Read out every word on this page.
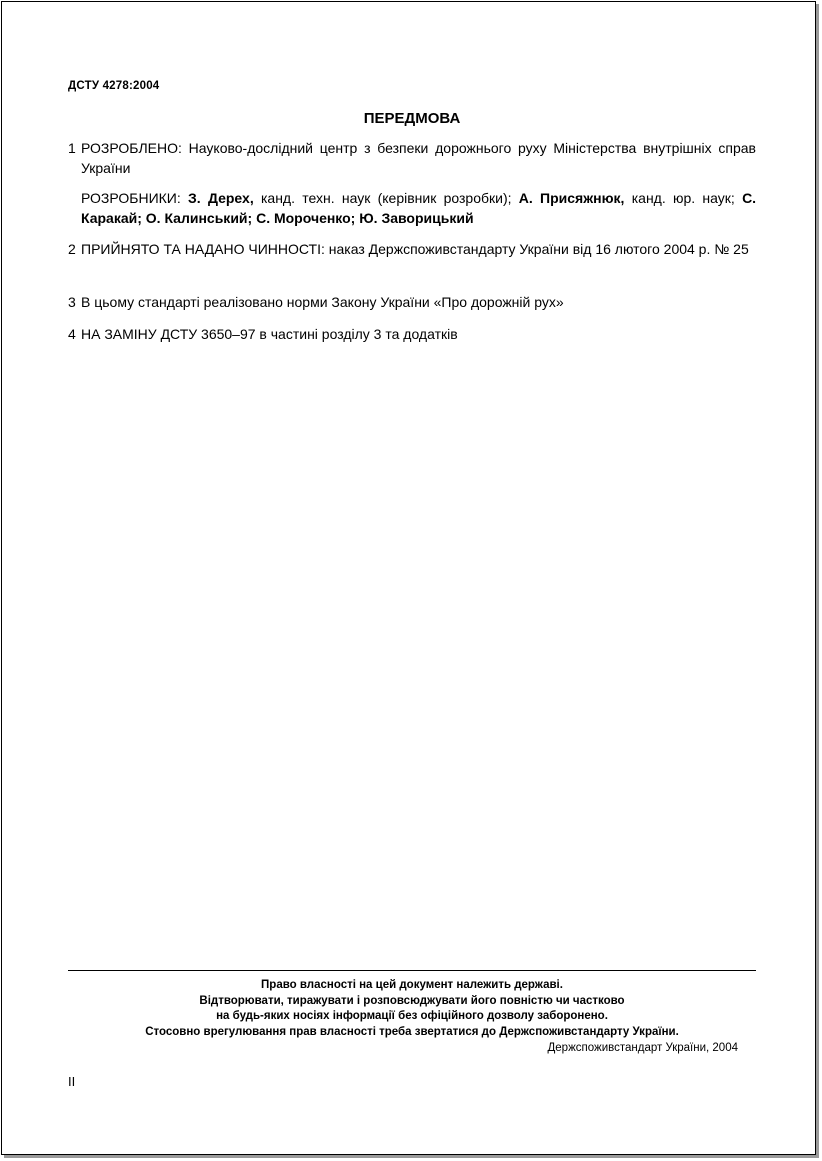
ДСТУ 4278:2004
ПЕРЕДМОВА
1 РОЗРОБЛЕНО: Науково-дослідний центр з безпеки дорожнього руху Міністерства внутрішніх справ України
РОЗРОБНИКИ: З. Дерех, канд. техн. наук (керівник розробки); А. Присяжнюк, канд. юр. наук; С. Каракай; О. Калинський; С. Мороченко; Ю. Заворицький
2 ПРИЙНЯТО ТА НАДАНО ЧИННОСТІ: наказ Держспоживстандарту України від 16 лютого 2004 р. № 25
3 В цьому стандарті реалізовано норми Закону України «Про дорожній рух»
4 НА ЗАМІНУ ДСТУ 3650–97 в частині розділу 3 та додатків
Право власності на цей документ належить державі.
Відтворювати, тиражувати і розповсюджувати його повністю чи частково
на будь-яких носіях інформації без офіційного дозволу заборонено.
Стосовно врегулювання прав власності треба звертатися до Держспоживстандарту України.
Держспоживстандарт України, 2004
II
